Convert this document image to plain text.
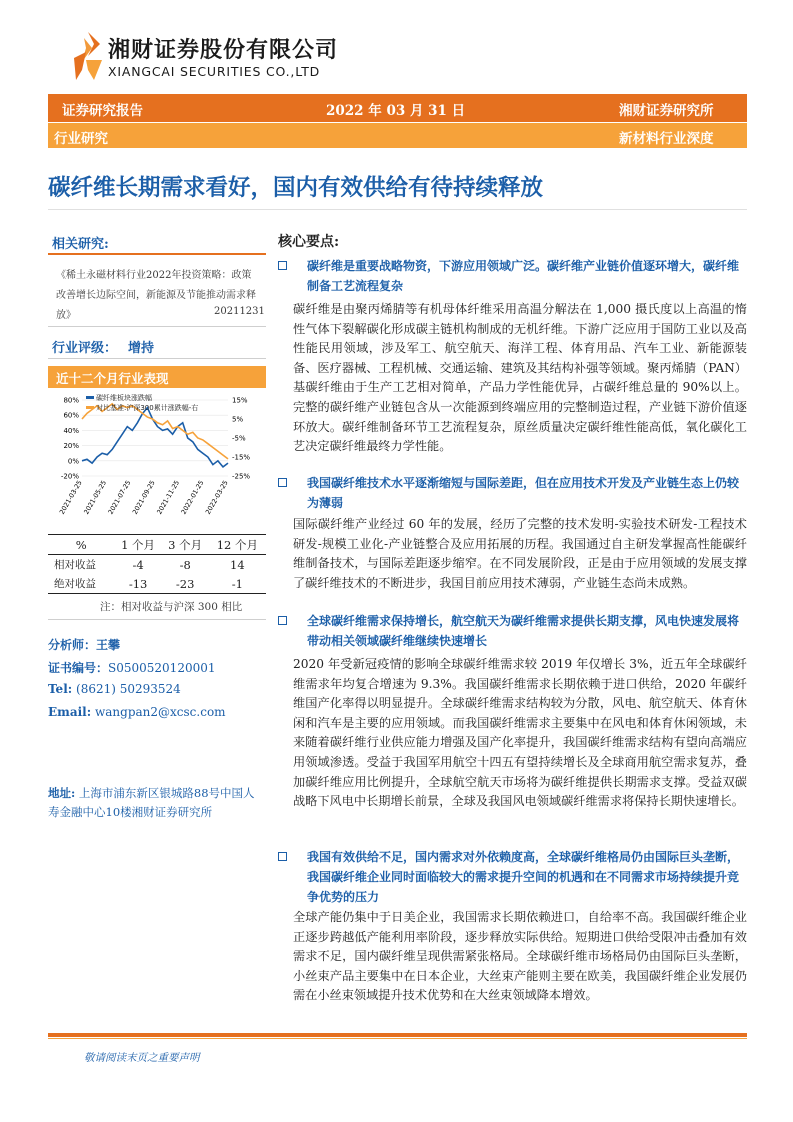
湘财证券股份有限公司
XIANGCAI SECURITIES CO.,LTD
证券研究报告	2022 年 03 月 31 日	湘财证券研究所
行业研究	新材料行业深度
碳纤维长期需求看好，国内有效供给有待持续释放
相关研究:
《稀土永磁材料行业2022年投资策略：政策
改善增长边际空间，新能源及节能推动需求释
放》	20211231
行业评级： 增持
近十二个月行业表现
80%
60%
40%
20%
0%
-20%
15%
5%
-5%
-15%
-25%
2021-03-25
2021-05-25
2021-07-25
2021-09-25
2021-11-25
2022-01-25
2022-03-25
碳纤维板块涨跌幅
对比基准:沪深300累计涨跌幅-右
%	1 个月	3 个月	12 个月
相对收益	-4	-8	14
绝对收益	-13	-23	-1
注：相对收益与沪深 300 相比
分析师：王攀
证书编号：S0500520120001
Tel: (8621) 50293524
Email: wangpan2@xcsc.com
地址: 上海市浦东新区银城路88号中国人寿金融中心10楼湘财证券研究所
核心要点:
碳纤维是重要战略物资，下游应用领域广泛。碳纤维产业链价值逐环增大，碳纤维制备工艺流程复杂
碳纤维是由聚丙烯腈等有机母体纤维采用高温分解法在 1,000 摄氏度以上高温的惰性气体下裂解碳化形成碳主链机构制成的无机纤维。下游广泛应用于国防工业以及高性能民用领域，涉及军工、航空航天、海洋工程、体育用品、汽车工业、新能源装备、医疗器械、工程机械、交通运输、建筑及其结构补强等领域。聚丙烯腈（PAN）基碳纤维由于生产工艺相对简单，产品力学性能优异，占碳纤维总量的 90%以上。完整的碳纤维产业链包含从一次能源到终端应用的完整制造过程，产业链下游价值逐环放大。碳纤维制备环节工艺流程复杂，原丝质量决定碳纤维性能高低，氧化碳化工艺决定碳纤维最终力学性能。
我国碳纤维技术水平逐渐缩短与国际差距，但在应用技术开发及产业链生态上仍较为薄弱
国际碳纤维产业经过 60 年的发展，经历了完整的技术发明-实验技术研发-工程技术研发-规模工业化-产业链整合及应用拓展的历程。我国通过自主研发掌握高性能碳纤维制备技术，与国际差距逐步缩窄。在不同发展阶段，正是由于应用领域的发展支撑了碳纤维技术的不断进步，我国目前应用技术薄弱，产业链生态尚未成熟。
全球碳纤维需求保持增长，航空航天为碳纤维需求提供长期支撑，风电快速发展将带动相关领域碳纤维继续快速增长
2020 年受新冠疫情的影响全球碳纤维需求较 2019 年仅增长 3%，近五年全球碳纤维需求年均复合增速为 9.3%。我国碳纤维需求长期依赖于进口供给，2020 年碳纤维国产化率得以明显提升。全球碳纤维需求结构较为分散，风电、航空航天、体育休闲和汽车是主要的应用领域。而我国碳纤维需求主要集中在风电和体育休闲领域，未来随着碳纤维行业供应能力增强及国产化率提升，我国碳纤维需求结构有望向高端应用领域渗透。受益于我国军用航空十四五有望持续增长及全球商用航空需求复苏，叠加碳纤维应用比例提升，全球航空航天市场将为碳纤维提供长期需求支撑。受益双碳战略下风电中长期增长前景，全球及我国风电领域碳纤维需求将保持长期快速增长。
我国有效供给不足，国内需求对外依赖度高，全球碳纤维格局仍由国际巨头垄断，我国碳纤维企业同时面临较大的需求提升空间的机遇和在不同需求市场持续提升竞争优势的压力
全球产能仍集中于日美企业，我国需求长期依赖进口，自给率不高。我国碳纤维企业正逐步跨越低产能利用率阶段，逐步释放实际供给。短期进口供给受限冲击叠加有效需求不足，国内碳纤维呈现供需紧张格局。全球碳纤维市场格局仍由国际巨头垄断，小丝束产品主要集中在日本企业，大丝束产能则主要在欧美，我国碳纤维企业发展仍需在小丝束领域提升技术优势和在大丝束领域降本增效。
敬请阅读末页之重要声明
